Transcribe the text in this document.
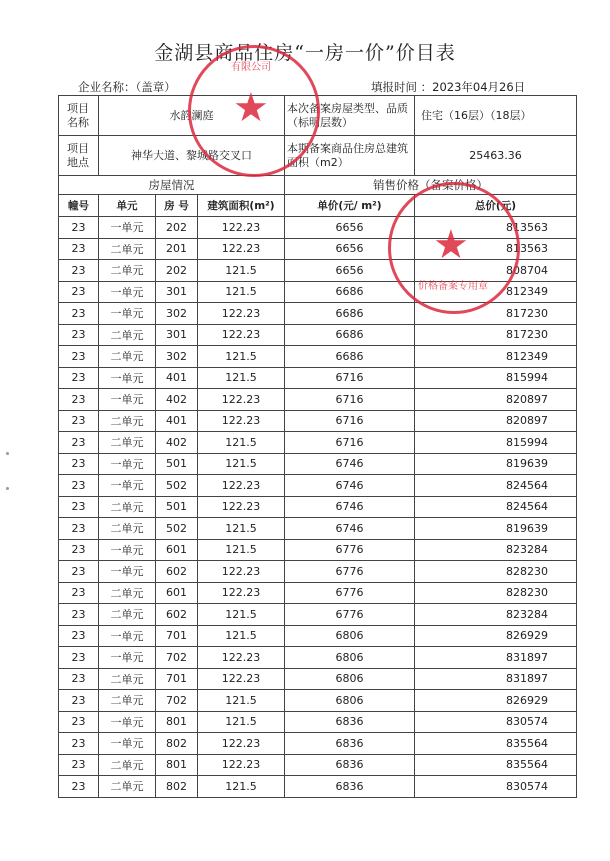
金湖县商品住房“一房一价”价目表
企业名称：（盖章）	填报时间 ：2023年04月26日
项目
名称	水韵澜庭			本次备案房屋类型、品质（标明层数）	住宅（16层）（18层）
项目
地点	神华大道、黎城路交叉口			本期备案商品住房总建筑面积（m2）	25463.36
房屋情况				销售价格（备案价格）	
幢号	单元	房 号	建筑面积(m²)	单价(元/ m²)	总价(元)
23	一单元	202	122.23	6656	813563
23	二单元	201	122.23	6656	813563
23	二单元	202	121.5	6656	808704
23	一单元	301	121.5	6686	812349
23	一单元	302	122.23	6686	817230
23	二单元	301	122.23	6686	817230
23	二单元	302	121.5	6686	812349
23	一单元	401	121.5	6716	815994
23	一单元	402	122.23	6716	820897
23	二单元	401	122.23	6716	820897
23	二单元	402	121.5	6716	815994
23	一单元	501	121.5	6746	819639
23	一单元	502	122.23	6746	824564
23	二单元	501	122.23	6746	824564
23	二单元	502	121.5	6746	819639
23	一单元	601	121.5	6776	823284
23	一单元	602	122.23	6776	828230
23	二单元	601	122.23	6776	828230
23	二单元	602	121.5	6776	823284
23	一单元	701	121.5	6806	826929
23	一单元	702	122.23	6806	831897
23	二单元	701	122.23	6806	831897
23	二单元	702	121.5	6806	826929
23	一单元	801	121.5	6836	830574
23	一单元	802	122.23	6836	835564
23	二单元	801	122.23	6836	835564
23	二单元	802	121.5	6836	830574
★
有限公司
★
价格备案专用章
